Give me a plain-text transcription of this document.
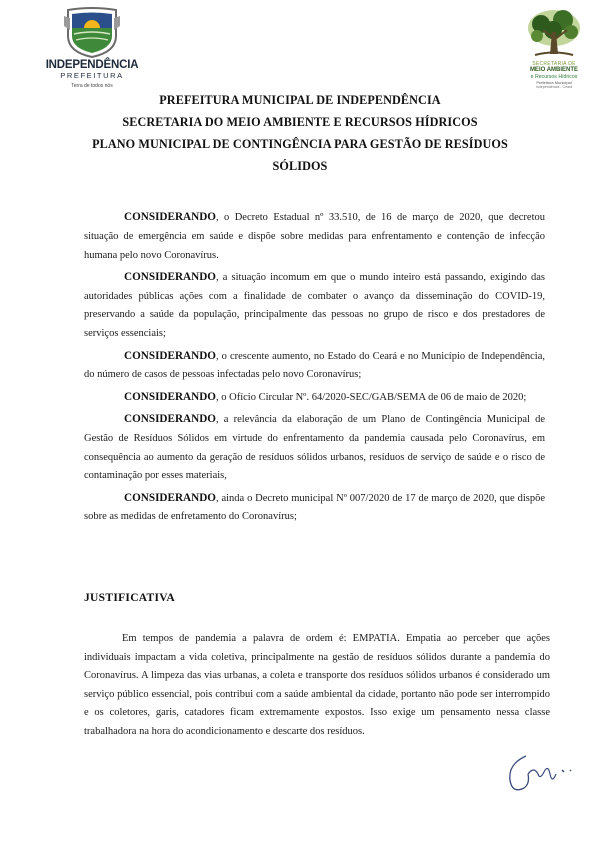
INDEPENDÊNCIA
PREFEITURA
Terra de todos nós
SECRETARIA DE
MEIO AMBIENTE
e Recursos Hídricos
Prefeitura Municipal
Independência - Ceará
PREFEITURA MUNICIPAL DE INDEPENDÊNCIA
SECRETARIA DO MEIO AMBIENTE E RECURSOS HÍDRICOS
PLANO MUNICIPAL DE CONTINGÊNCIA PARA GESTÃO DE RESÍDUOS
SÓLIDOS

CONSIDERANDO, o Decreto Estadual nº 33.510, de 16 de março de 2020, que decretou situação de emergência em saúde e dispõe sobre medidas para enfrentamento e contenção de infecção humana pelo novo Coronavírus.

CONSIDERANDO, a situação incomum em que o mundo inteiro está passando, exigindo das autoridades públicas ações com a finalidade de combater o avanço da disseminação do COVID-19, preservando a saúde da população, principalmente das pessoas no grupo de risco e dos prestadores de serviços essenciais;

CONSIDERANDO, o crescente aumento, no Estado do Ceará e no Município de Independência, do número de casos de pessoas infectadas pelo novo Coronavírus;

CONSIDERANDO, o Ofício Circular Nº. 64/2020-SEC/GAB/SEMA de 06 de maio de 2020;

CONSIDERANDO, a relevância da elaboração de um Plano de Contingência Municipal de Gestão de Resíduos Sólidos em virtude do enfrentamento da pandemia causada pelo Coronavírus, em consequência ao aumento da geração de resíduos sólidos urbanos, resíduos de serviço de saúde e o risco de contaminação por esses materiais,

CONSIDERANDO, ainda o Decreto municipal Nº 007/2020 de 17 de março de 2020, que dispõe sobre as medidas de enfretamento do Coronavírus;

JUSTIFICATIVA

Em tempos de pandemia a palavra de ordem é: EMPATIA. Empatia ao perceber que ações individuais impactam a vida coletiva, principalmente na gestão de resíduos sólidos durante a pandemia do Coronavírus. A limpeza das vias urbanas, a coleta e transporte dos resíduos sólidos urbanos é considerado um serviço público essencial, pois contribui com a saúde ambiental da cidade, portanto não pode ser interrompido e os coletores, garis, catadores ficam extremamente expostos. Isso exige um pensamento nessa classe trabalhadora na hora do acondicionamento e descarte dos resíduos.
